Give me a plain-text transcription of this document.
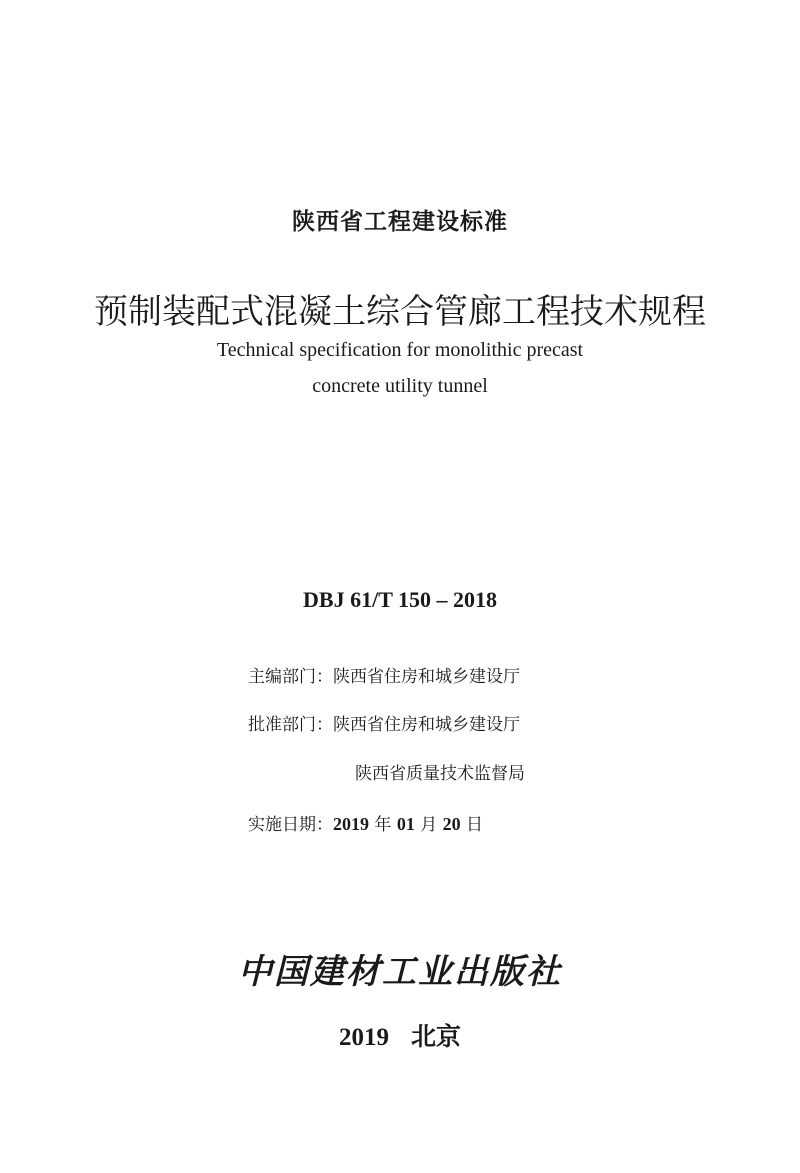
陕西省工程建设标准
预制装配式混凝土综合管廊工程技术规程
Technical specification for monolithic precast
concrete utility tunnel
DBJ 61/T 150 – 2018
主编部门：陕西省住房和城乡建设厅
批准部门：陕西省住房和城乡建设厅
陕西省质量技术监督局
实施日期：2019 年 01 月 20 日
中国建材工业出版社
2019 北京
